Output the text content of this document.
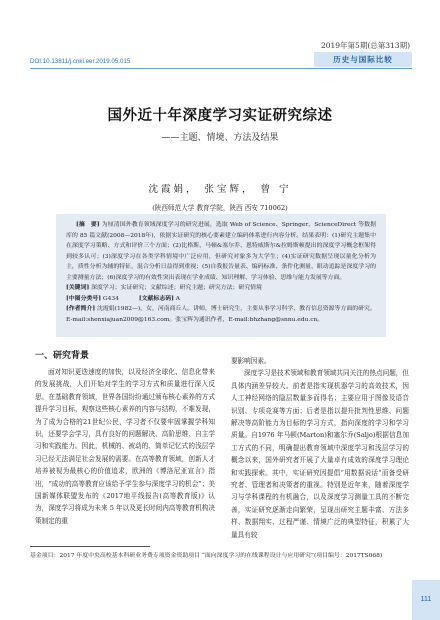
2019年第5期(总第313期)
历史与国际比较
DOI:10.13811/j.cnki.eer.2019.05.015
国外近十年深度学习实证研究综述
——主题、情境、方法及结果
沈霞娟， 张宝辉， 曾 宁
(陕西师范大学 教育学院，陕西 西安 710062)

[摘　要] 为厘清国外教育领域深度学习的研究进展，选取 Web of Science、Springer、ScienceDirect 等数据库的 85 篇文献(2008—2018年)，依据实证研究的核心要素建立编码体系进行内容分析。结果表明：(1)研究主题集中在深度学习策略、方式和评价三个方面；(2)比格斯、马顿&塞尔乔、恩特威斯尔&拉姆斯顿提出的深度学习概念框架得到较多认可；(3)深度学习在各类学科情境中广泛应用，但研究对象多为大学生；(4)实证研究数据呈现以量化分析为主，质性分析为辅的特征，混合分析日益得到重视；(5)自我报告量表、编码标准、条件化测量、眼动追踪是深度学习的主要测量方法；(6)深度学习的有效性突出表现在学业成绩、知识理解、学习体验、思维与能力发展等方面。

[关键词] 深度学习；实证研究；文献综述；研究主题；研究方法；研究情境

[中图分类号] G434	[文献标志码] A

[作者简介] 沈霞娟(1982—)，女，河南商丘人。讲师，博士研究生，主要从事学习科学、教育信息资源等方面的研究。E-mail:shenxiajuan2009@163.com。张宝辉为通讯作者，E-mail:bhzhang@snnu.edu.cn。

一、研究背景

面对知识更迭速度的加快，以及经济全球化、信息化带来的发展挑战，人们开始对学生的学习方式和质量进行深入反思。在基础教育领域，世界各国纷纷通过颁布核心素养的方式提升学习目标，观察这些核心素养的内容与结构，不难发现，为了成为合格的21世纪公民，学习者不仅要牢固掌握学科知识，还要学会学习，具有良好的问题解决、高阶思维、自主学习和实践能力。因此，机械的、被动的、简单记忆式的浅层学习已经无法满足社会发展的需要。在高等教育领域，创新人才培养被视为最核心的价值追求，欧洲的《博洛尼亚宣言》指出，“成功的高等教育应该给予学生参与深度学习的机会”；美国新媒体联盟发布的《2017地平线报告(高等教育版)》认为，深度学习将成为未来 5 年以及更长时间内高等教育机构决策制定的重

要影响因素。

深度学习是技术领域和教育领域共同关注的热点问题，但具体内涵差异较大。前者是指实现机器学习的高效技术，因人工神经网络的隐层数量多而得名；主要应用于图像及语音识别、专项竞赛等方面；后者是指以提升批判性思维、问题解决等高阶能力为目标的学习方式，指向深度的学习和学习质量。自1976 年马顿(Marton)和塞尔乔(Saljo)根据信息加工方式的不同，明确提出教育领域中深度学习和浅层学习的概念以来，国外研究者开展了大量卓有成效的深度学习理论和实践探索。其中，实证研究因提倡“用数据说话”而备受研究者、管理者和决策者的重视。特别是近年来，随着深度学习与学科课程的有机融合，以及深度学习测量工具的不断完善，实证研究逐渐走向繁荣，呈现出研究主题丰富、方法多样、数据翔实、过程严谨、情境广泛的典型特征，积累了大量具有较

基金项目：2017 年度中央高校基本科研业务费专项资金资助项目 “面向深度学习的在线课程设计与应用研究”(项目编号：2017TS068)

111
